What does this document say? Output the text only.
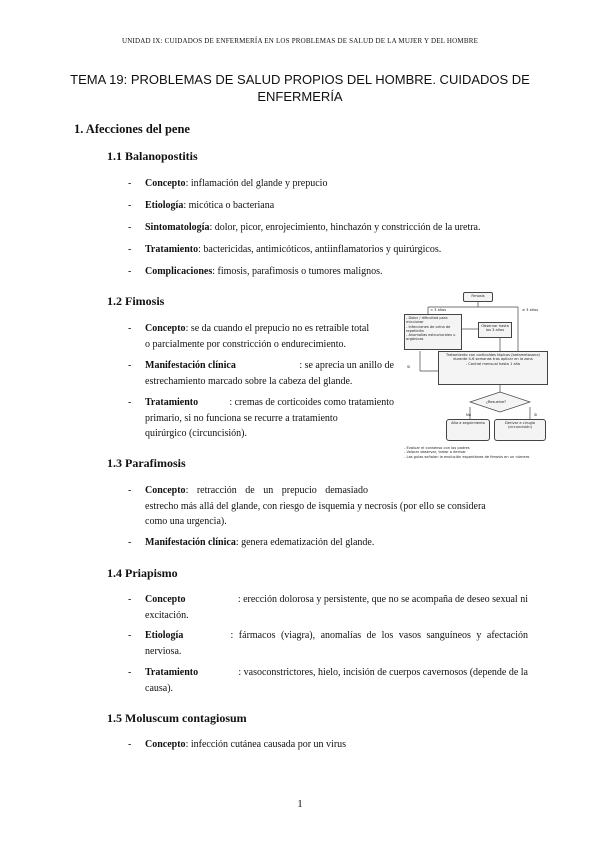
UNIDAD IX: CUIDADOS DE ENFERMERÍA EN LOS PROBLEMAS DE SALUD DE LA MUJER Y DEL HOMBRE
TEMA 19: PROBLEMAS DE SALUD PROPIOS DEL HOMBRE. CUIDADOS DE
ENFERMERÍA
1. Afecciones del pene
1.1 Balanopostitis
- Concepto: inflamación del glande y prepucio
- Etiología: micótica o bacteriana
- Sintomatología: dolor, picor, enrojecimiento, hinchazón y constricción de la uretra.
- Tratamiento: bactericidas, antimicóticos, antiinflamatorios y quirúrgicos.
- Complicaciones: fimosis, parafimosis o tumores malignos.
1.2 Fimosis
- Concepto: se da cuando el prepucio no es retraíble total
o parcialmente por constricción o endurecimiento.
- Manifestación clínica	: se aprecia un anillo de
estrechamiento marcado sobre la cabeza del glande.
- Tratamiento	: cremas de corticoides como tratamiento
primario, si no funciona se recurre a tratamiento
quirúrgico (circuncisión).
Fimosis
< 3 años	≥ 3 años
- Dolor / dificultad para miccionar
- Infecciones de orina de repetición
- Anomalías estructurales u orgánicas
Observar hasta los 3 años
Tratamiento con corticoides tópicos (betametasona) durante 4-6 semanas tras aplicar en la zona
- Control mensual hasta 1 año
Sí
¿Resuelve?
No	Sí
Alta a seguimiento	Derivar a cirugía (circuncisión)
- Evaluar el consenso con los padres
- Valorar observar, tratar o derivar
- Las guías señalan la evolución espontánea de fimosis en un número
1.3 Parafimosis
- Concepto : retracción de un prepucio demasiado
estrecho más allá del glande, con riesgo de isquemia y necrosis (por ello se considera
como una urgencia).
- Manifestación clínica: genera edematización del glande.
1.4 Priapismo
- Concepto	: erección dolorosa y persistente, que no se acompaña de deseo sexual ni
excitación.
- Etiología	: fármacos (viagra), anomalías de los vasos sanguíneos y afectación
nerviosa.
- Tratamiento	: vasoconstrictores, hielo, incisión de cuerpos cavernosos (depende de la
causa).
1.5 Moluscum contagiosum
- Concepto: infección cutánea causada por un virus
1
